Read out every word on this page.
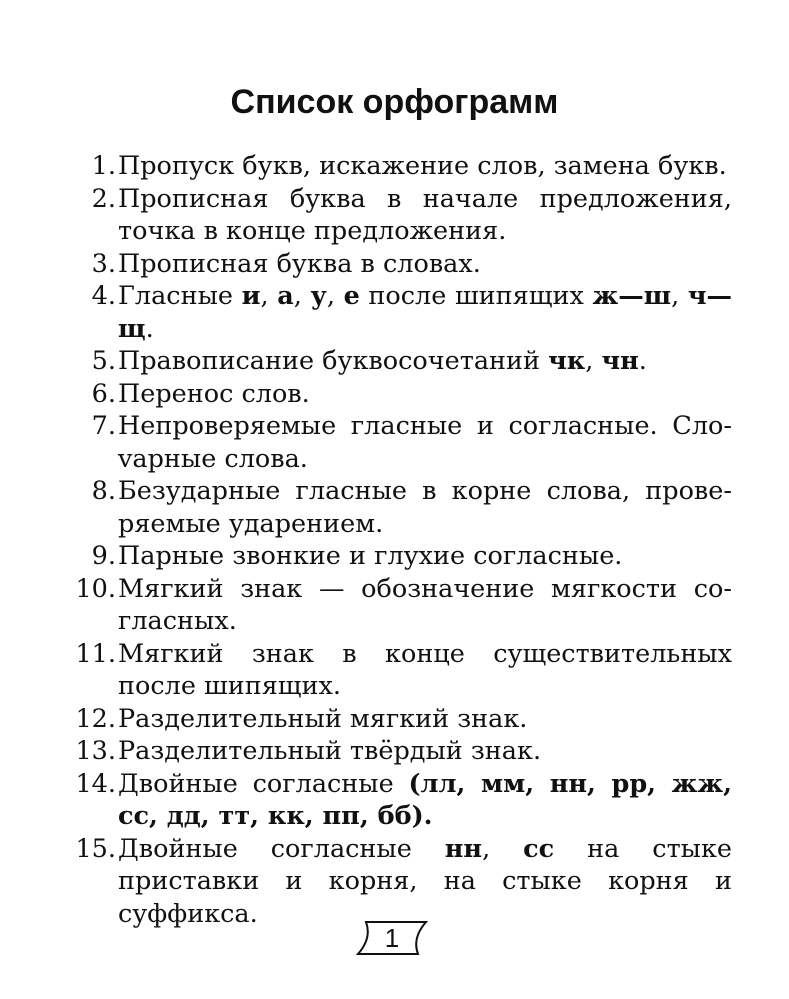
Список орфограмм
1. Пропуск букв, искажение слов, замена букв.
2. Прописная буква в начале предложения, точка в конце предложения.
3. Прописная буква в словах.
4. Гласные и, а, у, е после шипящих ж—ш, ч—щ.
5. Правописание буквосочетаний чк, чн.
6. Перенос слов.
7. Непроверяемые гласные и согласные. Слоvарные слова.
8. Безударные гласные в корне слова, проверяемые ударением.
9. Парные звонкие и глухие согласные.
10. Мягкий знак — обозначение мягкости согласных.
11. Мягкий знак в конце существительных после шипящих.
12. Разделительный мягкий знак.
13. Разделительный твёрдый знак.
14. Двойные согласные (лл, мм, нн, рр, жж, сс, дд, тт, кк, пп, бб).
15. Двойные согласные нн, сс на стыке приставки и корня, на стыке корня и суффикса.
1
